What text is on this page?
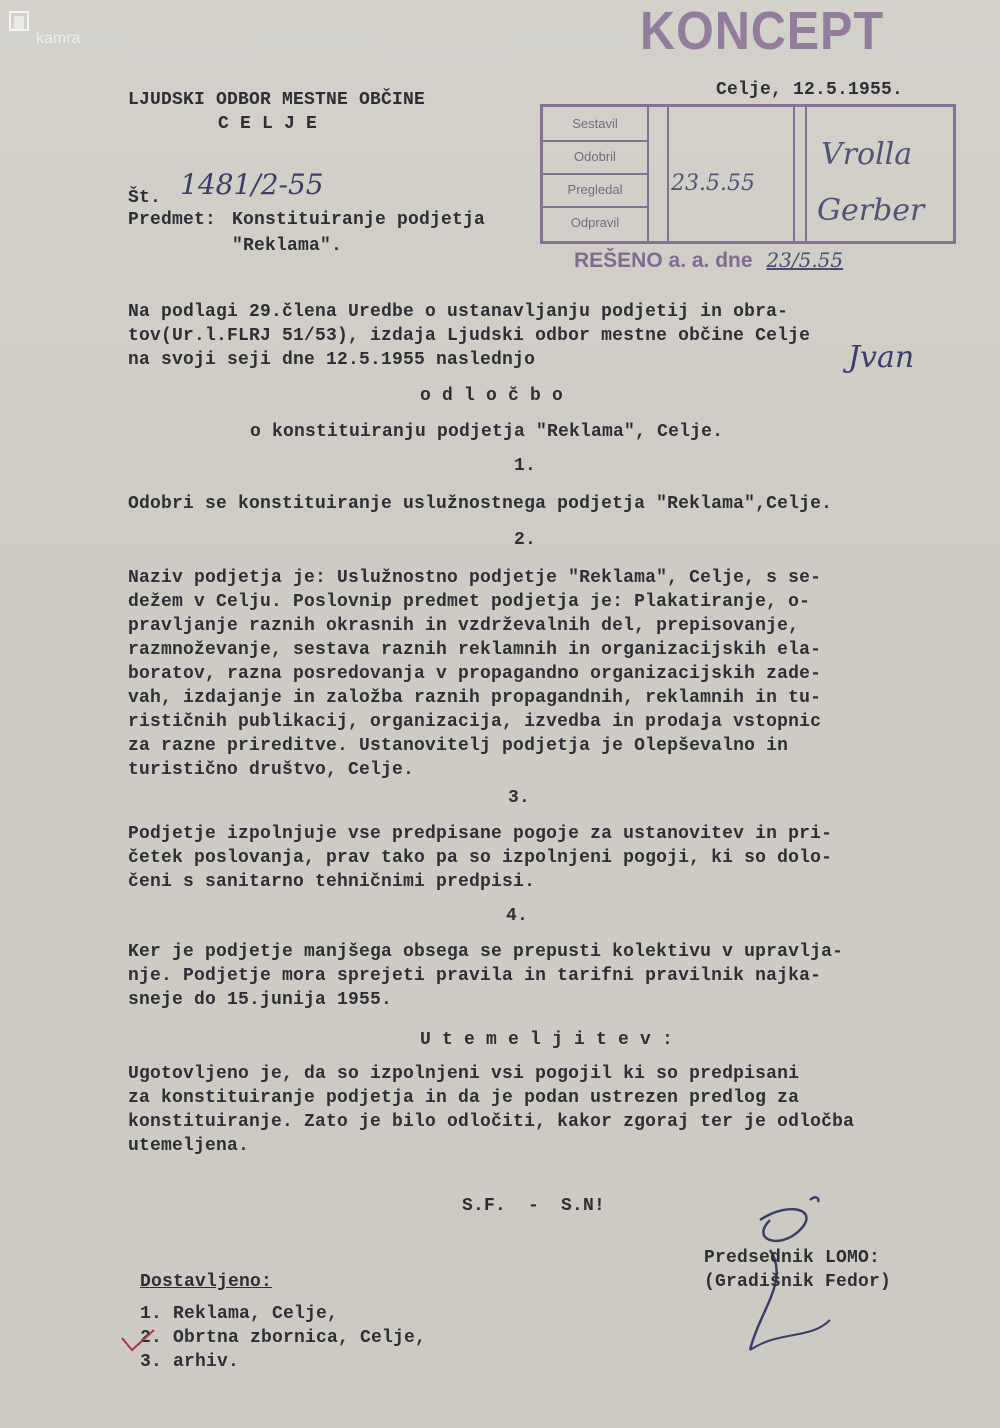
kamra	KONCEPT
LJUDSKI ODBOR MESTNE OBČINE
C E L J E
Celje, 12.5.1955.
Sestavil
Odobril
Pregledal
Odpravil
23.5.55
Vrolla
Gerber
REŠENO a. a. dne 23/5.55
Št. 1481/2-55
Predmet: Konstituiranje podjetja
"Reklama".
Na podlagi 29.člena Uredbe o ustanavljanju podjetij in obra-
tov(Ur.l.FLRJ 51/53), izdaja Ljudski odbor mestne občine Celje
na svoji seji dne 12.5.1955 naslednjo	Jvan
o d l o č b o
o konstituiranju podjetja "Reklama", Celje.
1.
Odobri se konstituiranje uslužnostnega podjetja "Reklama",Celje.
2.
Naziv podjetja je: Uslužnostno podjetje "Reklama", Celje, s se-
dežem v Celju. Poslovnip predmet podjetja je: Plakatiranje, o-
pravljanje raznih okrasnih in vzdrževalnih del, prepisovanje,
razmnoževanje, sestava raznih reklamnih in organizacijskih ela-
boratov, razna posredovanja v propagandno organizacijskih zade-
vah, izdajanje in založba raznih propagandnih, reklamnih in tu-
rističnih publikacij, organizacija, izvedba in prodaja vstopnic
za razne prireditve. Ustanovitelj podjetja je Olepševalno in
turistično društvo, Celje.
3.
Podjetje izpolnjuje vse predpisane pogoje za ustanovitev in pri-
četek poslovanja, prav tako pa so izpolnjeni pogoji, ki so dolo-
čeni s sanitarno tehničnimi predpisi.
4.
Ker je podjetje manjšega obsega se prepusti kolektivu v upravlja-
nje. Podjetje mora sprejeti pravila in tarifni pravilnik najka-
sneje do 15.junija 1955.
U t e m e l j i t e v :
Ugotovljeno je, da so izpolnjeni vsi pogojil ki so predpisani
za konstituiranje podjetja in da je podan ustrezen predlog za
konstituiranje. Zato je bilo odločiti, kakor zgoraj ter je odločba
utemeljena.
S.F.  -  S.N!
Predsednik LOMO:
(Gradišnik Fedor)
Dostavljeno:
1. Reklama, Celje,
2. Obrtna zbornica, Celje,
3. arhiv.
